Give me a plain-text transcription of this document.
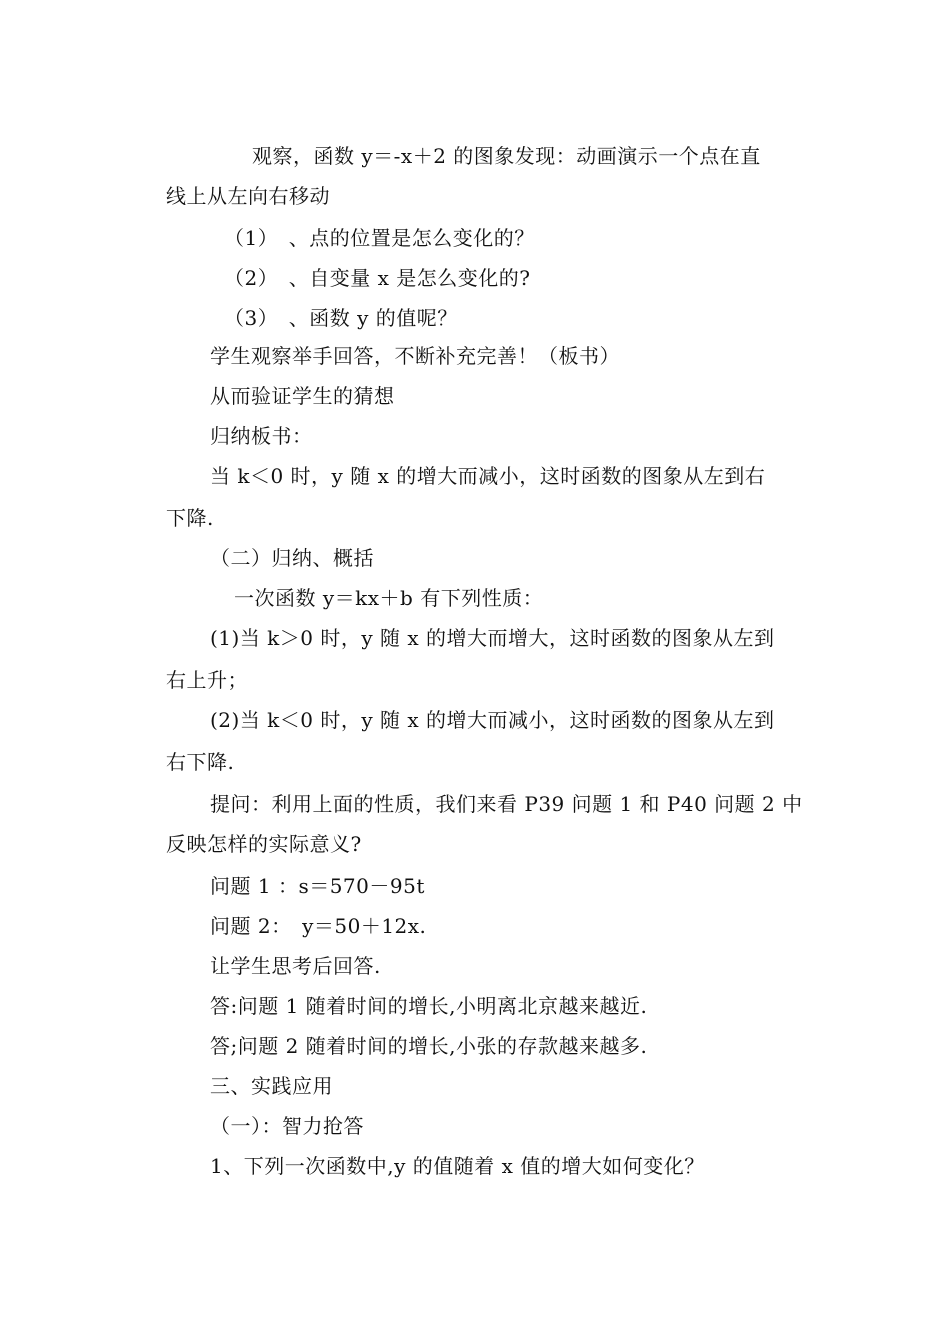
观察，函数 y＝-x＋2 的图象发现：动画演示一个点在直
线上从左向右移动
（1）　、点的位置是怎么变化的？
（2）　、自变量 x 是怎么变化的?
（3）　、函数 y 的值呢？
学生观察举手回答，不断补充完善！（板书）
从而验证学生的猜想
归纳板书：
当 k＜0 时，y 随 x 的增大而减小，这时函数的图象从左到右
下降.
（二）归纳、概括
一次函数 y＝kx＋b 有下列性质：
(1)当 k＞0 时，y 随 x 的增大而增大，这时函数的图象从左到
右上升；
(2)当 k＜0 时，y 随 x 的增大而减小，这时函数的图象从左到
右下降.
提问：利用上面的性质，我们来看 P39 问题 1 和 P40 问题 2 中
反映怎样的实际意义?
问题 1 ：s＝570－95t
问题 2：　y＝50＋12x.
让学生思考后回答.
答:问题 1 随着时间的增长,小明离北京越来越近.
答;问题 2 随着时间的增长,小张的存款越来越多.
三、实践应用
（一）：智力抢答
1、下列一次函数中,y 的值随着 x 值的增大如何变化？
